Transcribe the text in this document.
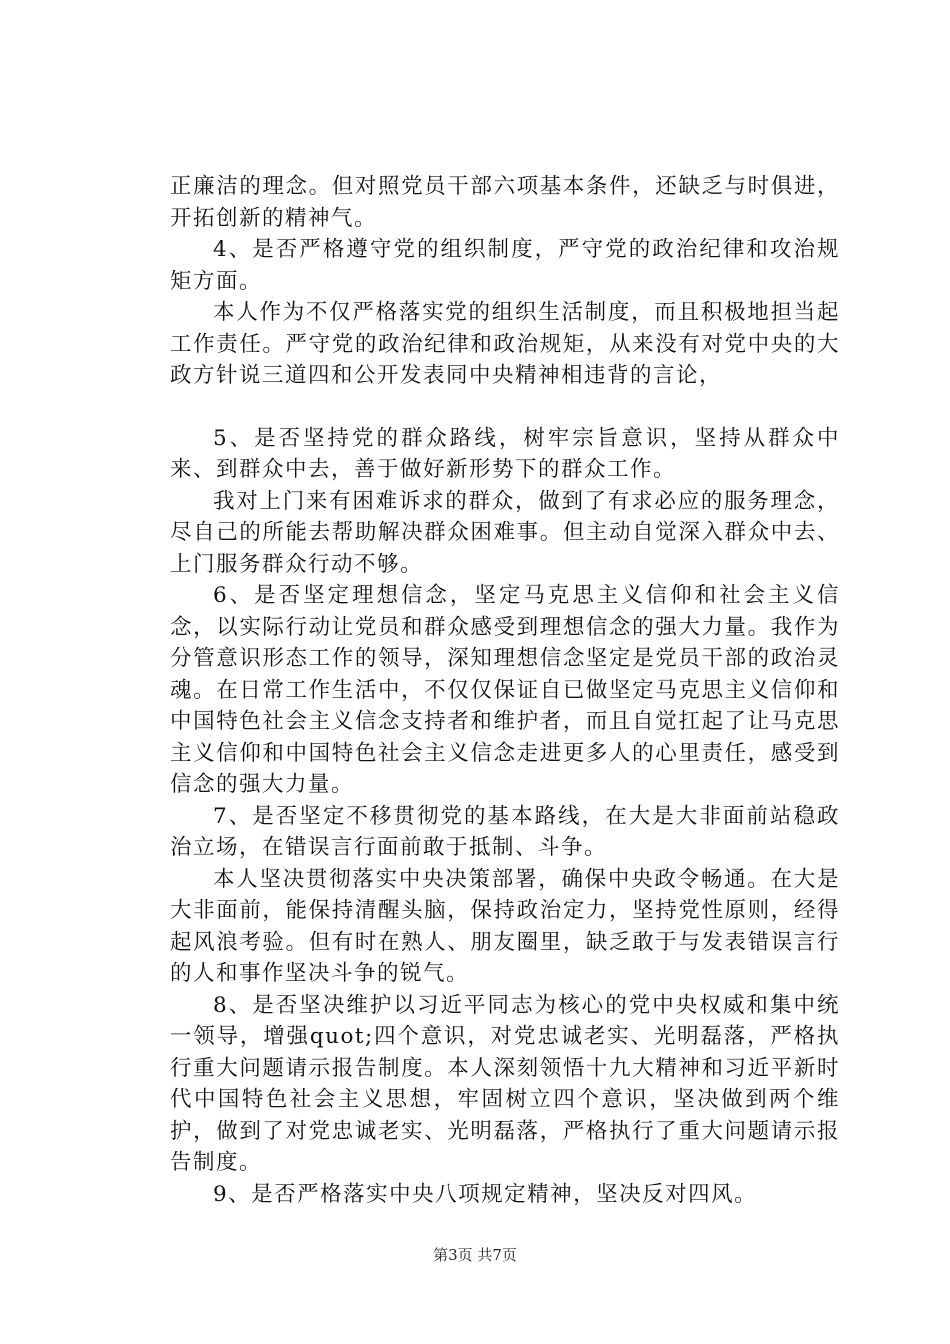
正廉洁的理念。但对照党员干部六项基本条件，还缺乏与时俱进，开拓创新的精神气。

4、是否严格遵守党的组织制度，严守党的政治纪律和攻治规矩方面。

本人作为不仅严格落实党的组织生活制度，而且积极地担当起工作责任。严守党的政治纪律和政治规矩，从来没有对党中央的大政方针说三道四和公开发表同中央精神相违背的言论，

5、是否坚持党的群众路线，树牢宗旨意识，坚持从群众中来、到群众中去，善于做好新形势下的群众工作。

我对上门来有困难诉求的群众，做到了有求必应的服务理念，尽自己的所能去帮助解决群众困难事。但主动自觉深入群众中去、上门服务群众行动不够。

6、是否坚定理想信念，坚定马克思主义信仰和社会主义信念，以实际行动让党员和群众感受到理想信念的强大力量。我作为分管意识形态工作的领导，深知理想信念坚定是党员干部的政治灵魂。在日常工作生活中，不仅仅保证自已做坚定马克思主义信仰和中国特色社会主义信念支持者和维护者，而且自觉扛起了让马克思主义信仰和中国特色社会主义信念走进更多人的心里责任，感受到信念的强大力量。

7、是否坚定不移贯彻党的基本路线，在大是大非面前站稳政治立场，在错误言行面前敢于抵制、斗争。

本人坚决贯彻落实中央决策部署，确保中央政令畅通。在大是大非面前，能保持清醒头脑，保持政治定力，坚持党性原则，经得起风浪考验。但有时在熟人、朋友圈里，缺乏敢于与发表错误言行的人和事作坚决斗争的锐气。

8、是否坚决维护以习近平同志为核心的党中央权威和集中统一领导，增强quot;四个意识，对党忠诚老实、光明磊落，严格执行重大问题请示报告制度。本人深刻领悟十九大精神和习近平新时代中国特色社会主义思想，牢固树立四个意识，坚决做到两个维护，做到了对党忠诚老实、光明磊落，严格执行了重大问题请示报告制度。

9、是否严格落实中央八项规定精神，坚决反对四风。

第3页 共7页
